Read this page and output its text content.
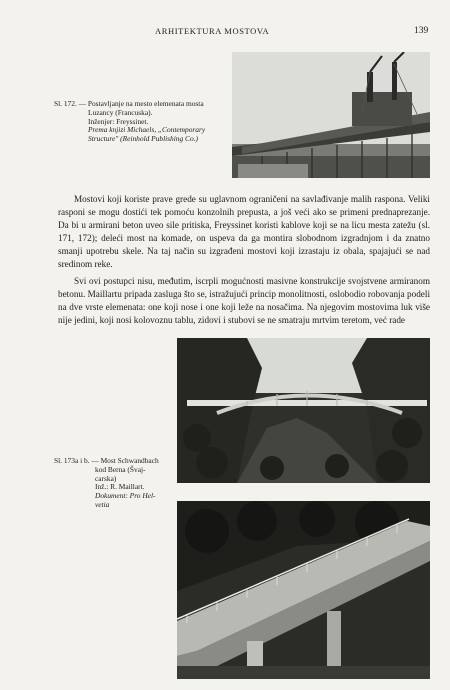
ARHITEKTURA MOSTOVA	139
Sl. 172. — Postavljanje na mesto elemenata mosta
Luzancy (Francuska).
Inženjer: Freyssinet.
Prema knjizi Michaels, „Contemporary
Structure" (Reinhold Publishing Co.)

Mostovi koji koriste prave grede su uglavnom ograničeni na savlađivanje malih raspona. Veliki rasponi se mogu dostići tek pomoću konzolnih prepusta, a još veći ako se primeni prednaprezanje. Da bi u armirani beton uveo sile pritiska, Freyssinet koristi kablove koji se na licu mesta zatežu (sl. 171, 172); deleći most na komade, on uspeva da ga montira slobodnom izgradnjom i da znatno smanji upotrebu skele. Na taj način su izgrađeni mostovi koji izrastaju iz obala, spajajući se nad sredinom reke.

Svi ovi postupci nisu, međutim, iscrpli mogućnosti masivne konstrukcije svojstvene armiranom betonu. Maillartu pripada zasluga što se, istražujući princip monolitnosti, oslobodio robovanja podeli na dve vrste elemenata: one koji nose i one koji leže na nosačima. Na njegovim mostovima luk više nije jedini, koji nosi kolovoznu tablu, zidovi i stubovi se ne smatraju mrtvim teretom, već rade

Sl. 173a i b. — Most Schwandbach
kod Berna (Švaj-
carska)
Inž.: R. Maillart.
Dokument: Pro Hel-
vetia
